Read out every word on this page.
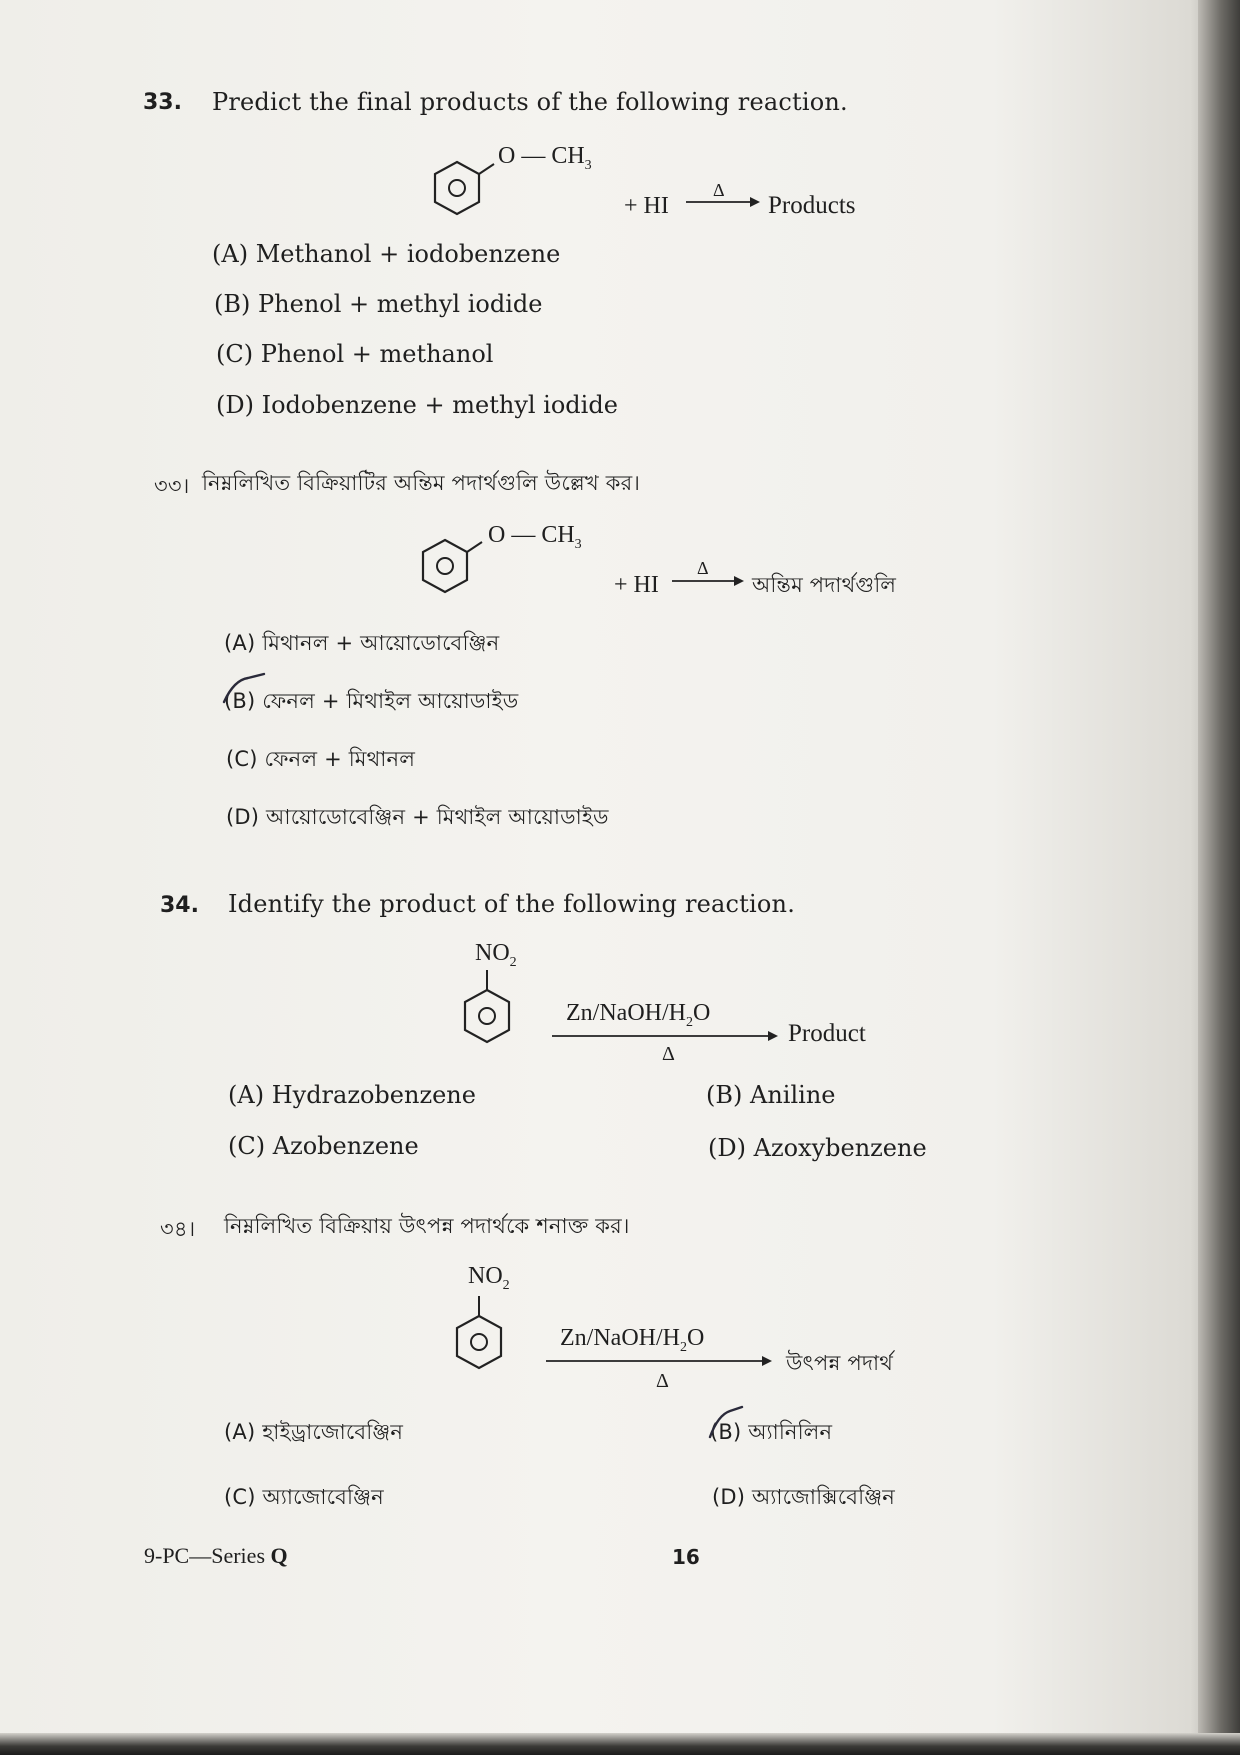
33. Predict the final products of the following reaction.
O — $CH_3$
+ HI
Δ
Products
(A) Methanol + iodobenzene
(B) Phenol + methyl iodide
(C) Phenol + methanol
(D) Iodobenzene + methyl iodide
৩৩। নিম্নলিখিত বিক্রিয়াটির অন্তিম পদার্থগুলি উল্লেখ কর।
O — $CH_3$
+ HI
Δ
অন্তিম পদার্থগুলি
(A) মিথানল + আয়োডোবেঞ্জিন
(B) ফেনল + মিথাইল আয়োডাইড
(C) ফেনল + মিথানল
(D) আয়োডোবেঞ্জিন + মিথাইল আয়োডাইড
34. Identify the product of the following reaction.
$NO_2$
$Zn/NaOH/H_2O$
Δ
Product
(A) Hydrazobenzene	(B) Aniline
(C) Azobenzene	(D) Azoxybenzene
৩৪। নিম্নলিখিত বিক্রিয়ায় উৎপন্ন পদার্থকে শনাক্ত কর।
$NO_2$
$Zn/NaOH/H_2O$
Δ
উৎপন্ন পদার্থ
(A) হাইড্রাজোবেঞ্জিন	(B) অ্যানিলিন
(C) অ্যাজোবেঞ্জিন	(D) অ্যাজোক্সিবেঞ্জিন
9-PC—Series Q	16
